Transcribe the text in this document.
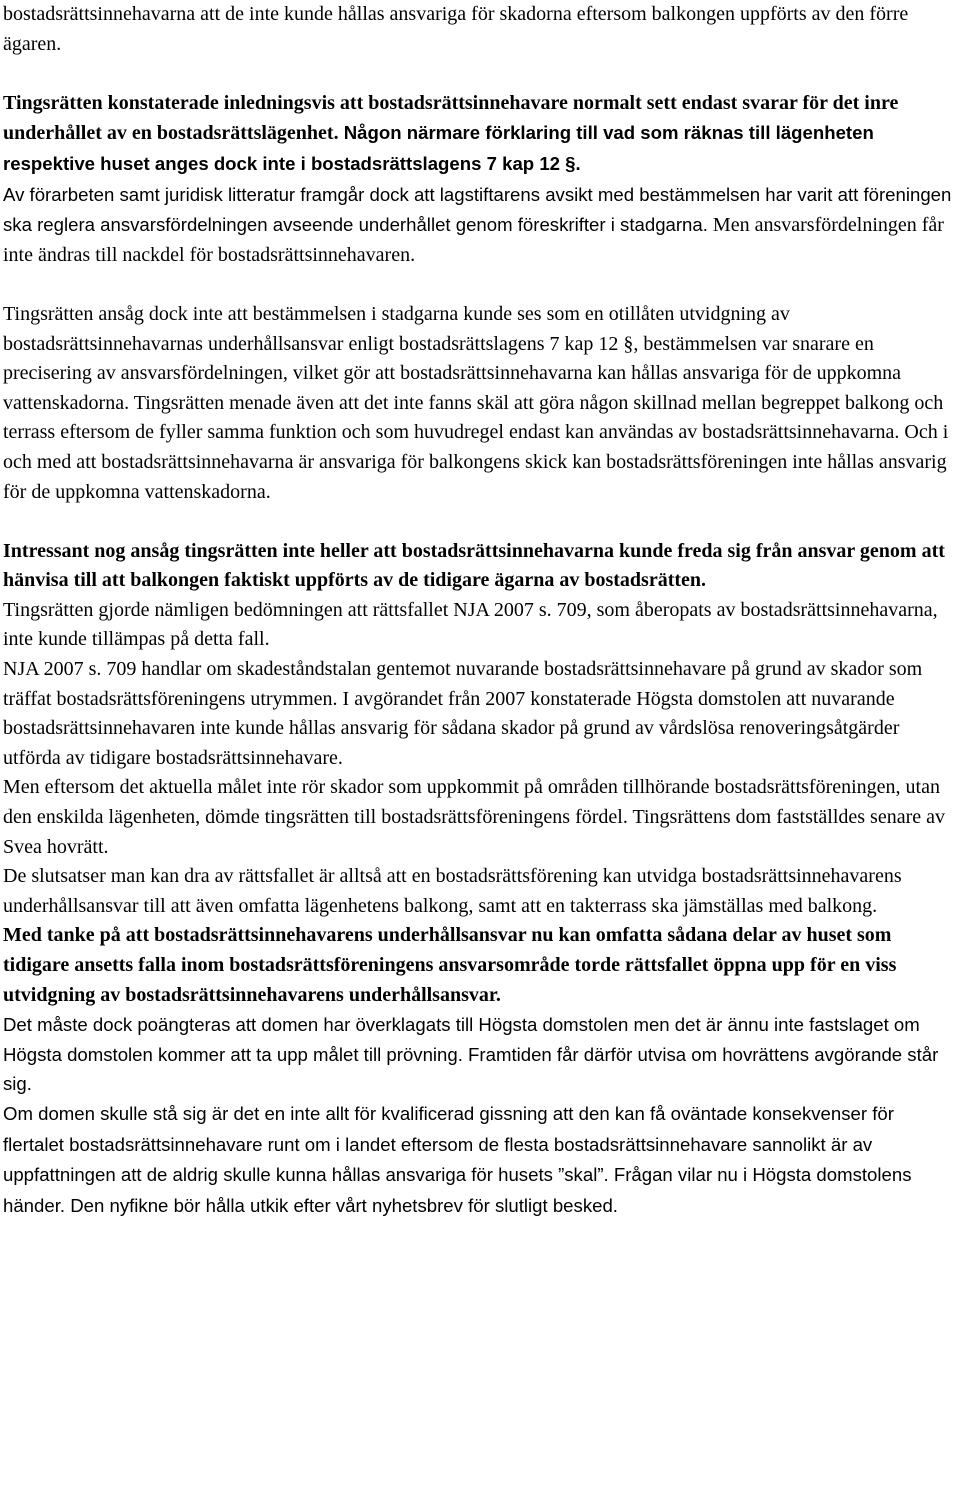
bostadsrättsinnehavarna att de inte kunde hållas ansvariga för skadorna eftersom balkongen uppförts av den förre ägaren.

Tingsrätten konstaterade inledningsvis att bostadsrättsinnehavare normalt sett endast svarar för det inre underhållet av en bostadsrättslägenhet. Någon närmare förklaring till vad som räknas till lägenheten respektive huset anges dock inte i bostadsrättslagens 7 kap 12 §.
Av förarbeten samt juridisk litteratur framgår dock att lagstiftarens avsikt med bestämmelsen har varit att föreningen ska reglera ansvarsfördelningen avseende underhållet genom föreskrifter i stadgarna. Men ansvarsfördelningen får inte ändras till nackdel för bostadsrättsinnehavaren.

Tingsrätten ansåg dock inte att bestämmelsen i stadgarna kunde ses som en otillåten utvidgning av bostadsrättsinnehavarnas underhållsansvar enligt bostadsrättslagens 7 kap 12 §, bestämmelsen var snarare en precisering av ansvarsfördelningen, vilket gör att bostadsrättsinnehavarna kan hållas ansvariga för de uppkomna vattenskadorna. Tingsrätten menade även att det inte fanns skäl att göra någon skillnad mellan begreppet balkong och terrass eftersom de fyller samma funktion och som huvudregel endast kan användas av bostadsrättsinnehavarna. Och i och med att bostadsrättsinnehavarna är ansvariga för balkongens skick kan bostadsrättsföreningen inte hållas ansvarig för de uppkomna vattenskadorna.

Intressant nog ansåg tingsrätten inte heller att bostadsrättsinnehavarna kunde freda sig från ansvar genom att hänvisa till att balkongen faktiskt uppförts av de tidigare ägarna av bostadsrätten.

Tingsrätten gjorde nämligen bedömningen att rättsfallet NJA 2007 s. 709, som åberopats av bostadsrättsinnehavarna, inte kunde tillämpas på detta fall.

NJA 2007 s. 709 handlar om skadeståndstalan gentemot nuvarande bostadsrättsinnehavare på grund av skador som träffat bostadsrättsföreningens utrymmen. I avgörandet från 2007 konstaterade Högsta domstolen att nuvarande bostadsrättsinnehavaren inte kunde hållas ansvarig för sådana skador på grund av vårdslösa renoveringsåtgärder utförda av tidigare bostadsrättsinnehavare.

Men eftersom det aktuella målet inte rör skador som uppkommit på områden tillhörande bostadsrättsföreningen, utan den enskilda lägenheten, dömde tingsrätten till bostadsrättsföreningens fördel. Tingsrättens dom fastställdes senare av Svea hovrätt.

De slutsatser man kan dra av rättsfallet är alltså att en bostadsrättsförening kan utvidga bostadsrättsinnehavarens underhållsansvar till att även omfatta lägenhetens balkong, samt att en takterrass ska jämställas med balkong.

Med tanke på att bostadsrättsinnehavarens underhållsansvar nu kan omfatta sådana delar av huset som tidigare ansetts falla inom bostadsrättsföreningens ansvarsområde torde rättsfallet öppna upp för en viss utvidgning av bostadsrättsinnehavarens underhållsansvar.

Det måste dock poängteras att domen har överklagats till Högsta domstolen men det är ännu inte fastslaget om Högsta domstolen kommer att ta upp målet till prövning. Framtiden får därför utvisa om hovrättens avgörande står sig.

Om domen skulle stå sig är det en inte allt för kvalificerad gissning att den kan få oväntade konsekvenser för flertalet bostadsrättsinnehavare runt om i landet eftersom de flesta bostadsrättsinnehavare sannolikt är av uppfattningen att de aldrig skulle kunna hållas ansvariga för husets ”skal”. Frågan vilar nu i Högsta domstolens händer. Den nyfikne bör hålla utkik efter vårt nyhetsbrev för slutligt besked.
